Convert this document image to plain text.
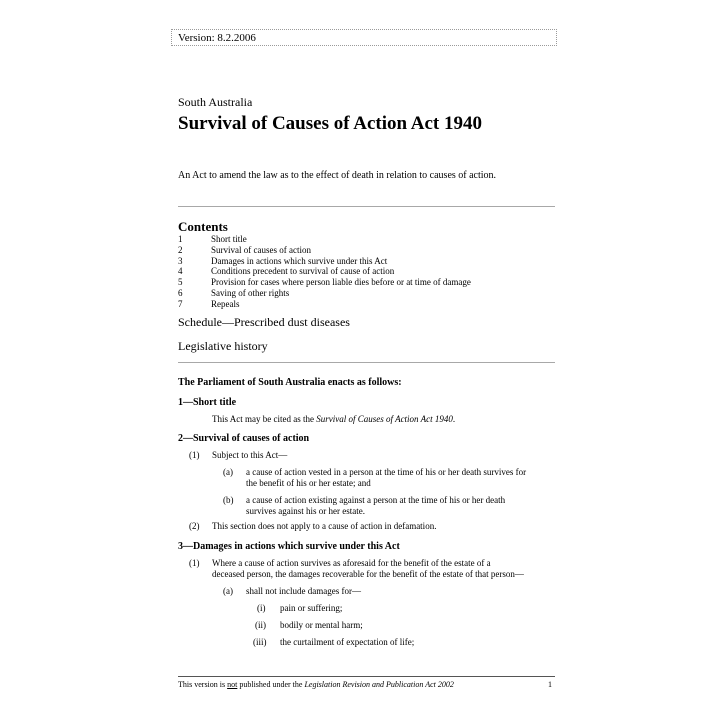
Version: 8.2.2006
South Australia
Survival of Causes of Action Act 1940
An Act to amend the law as to the effect of death in relation to causes of action.
Contents
1	Short title
2	Survival of causes of action
3	Damages in actions which survive under this Act
4	Conditions precedent to survival of cause of action
5	Provision for cases where person liable dies before or at time of damage
6	Saving of other rights
7	Repeals
Schedule—Prescribed dust diseases
Legislative history
The Parliament of South Australia enacts as follows:
1—Short title
This Act may be cited as the Survival of Causes of Action Act 1940.
2—Survival of causes of action
(1) Subject to this Act—
(a) a cause of action vested in a person at the time of his or her death survives for
the benefit of his or her estate; and
(b) a cause of action existing against a person at the time of his or her death
survives against his or her estate.
(2) This section does not apply to a cause of action in defamation.
3—Damages in actions which survive under this Act
(1) Where a cause of action survives as aforesaid for the benefit of the estate of a
deceased person, the damages recoverable for the benefit of the estate of that person—
(a) shall not include damages for—
(i) pain or suffering;
(ii) bodily or mental harm;
(iii) the curtailment of expectation of life;
This version is not published under the Legislation Revision and Publication Act 2002	1
